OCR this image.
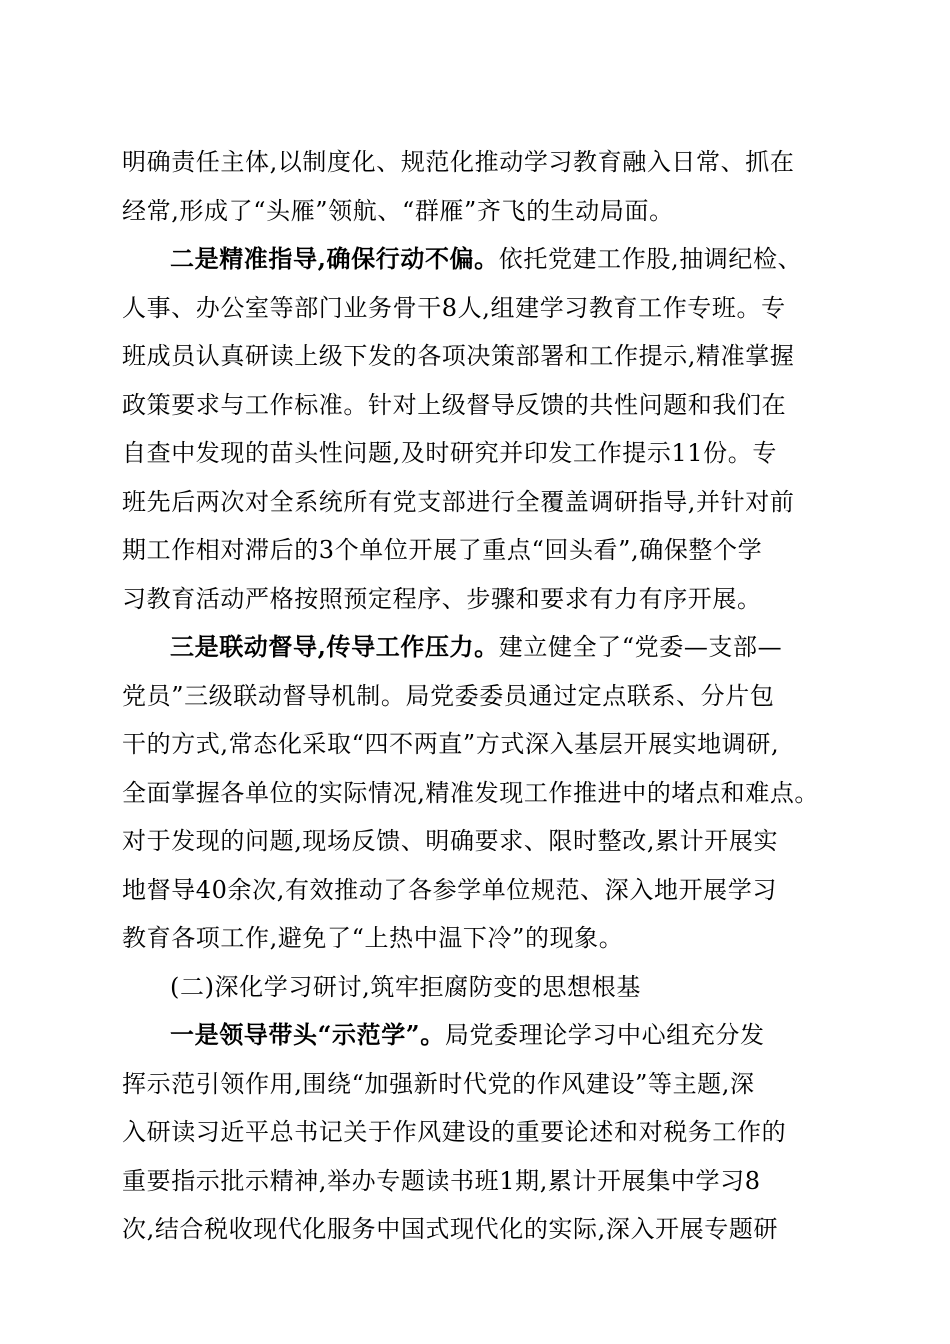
明确责任主体,以制度化、规范化推动学习教育融入日常、抓在
经常,形成了“头雁”领航、“群雁”齐飞的生动局面。
二是精准指导,确保行动不偏。依托党建工作股,抽调纪检、
人事、办公室等部门业务骨干8人,组建学习教育工作专班。专
班成员认真研读上级下发的各项决策部署和工作提示,精准掌握
政策要求与工作标准。针对上级督导反馈的共性问题和我们在
自查中发现的苗头性问题,及时研究并印发工作提示11份。专
班先后两次对全系统所有党支部进行全覆盖调研指导,并针对前
期工作相对滞后的3个单位开展了重点“回头看”,确保整个学
习教育活动严格按照预定程序、步骤和要求有力有序开展。
三是联动督导,传导工作压力。建立健全了“党委—支部—
党员”三级联动督导机制。局党委委员通过定点联系、分片包
干的方式,常态化采取“四不两直”方式深入基层开展实地调研,
全面掌握各单位的实际情况,精准发现工作推进中的堵点和难点。
对于发现的问题,现场反馈、明确要求、限时整改,累计开展实
地督导40余次,有效推动了各参学单位规范、深入地开展学习
教育各项工作,避免了“上热中温下冷”的现象。
(二)深化学习研讨,筑牢拒腐防变的思想根基
一是领导带头“示范学”。局党委理论学习中心组充分发
挥示范引领作用,围绕“加强新时代党的作风建设”等主题,深
入研读习近平总书记关于作风建设的重要论述和对税务工作的
重要指示批示精神,举办专题读书班1期,累计开展集中学习8
次,结合税收现代化服务中国式现代化的实际,深入开展专题研
